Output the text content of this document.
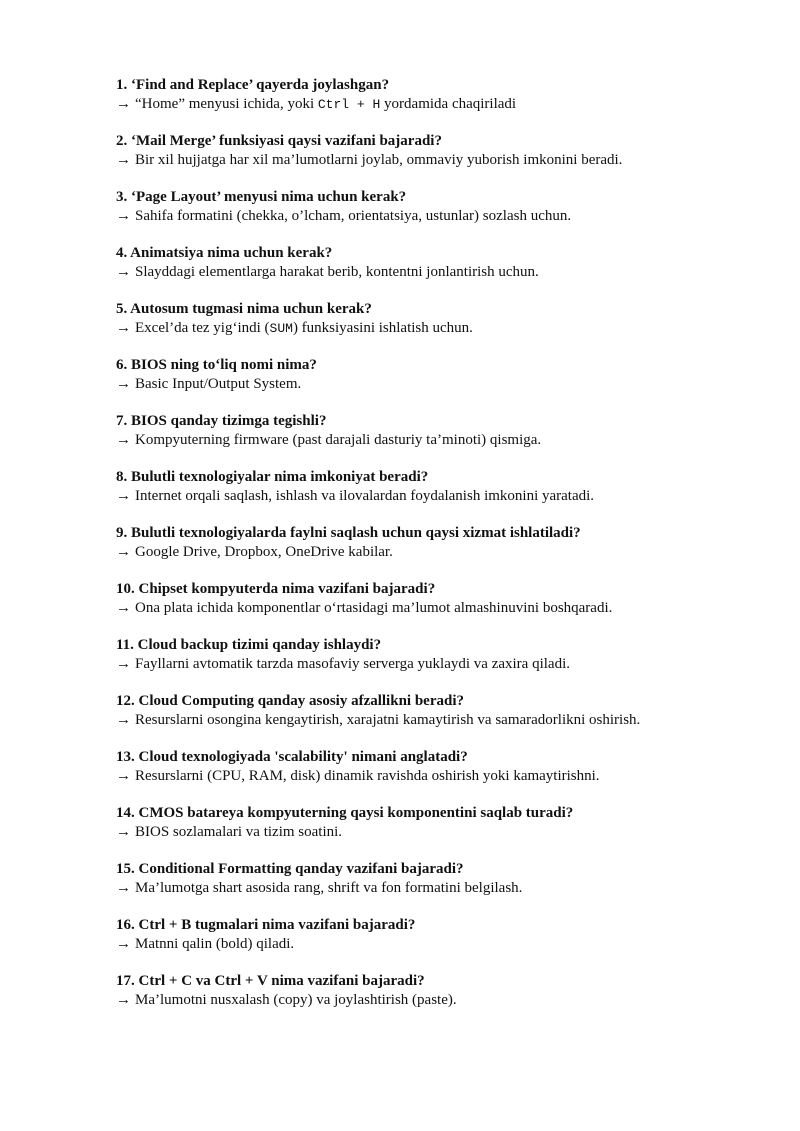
1. ‘Find and Replace’ qayerda joylashgan?

→ “Home” menyusi ichida, yoki Ctrl + H yordamida chaqiriladi

2. ‘Mail Merge’ funksiyasi qaysi vazifani bajaradi?

→ Bir xil hujjatga har xil ma’lumotlarni joylab, ommaviy yuborish imkonini beradi.

3. ‘Page Layout’ menyusi nima uchun kerak?

→ Sahifa formatini (chekka, o’lcham, orientatsiya, ustunlar) sozlash uchun.

4. Animatsiya nima uchun kerak?

→ Slayddagi elementlarga harakat berib, kontentni jonlantirish uchun.

5. Autosum tugmasi nima uchun kerak?

→ Excel’da tez yig‘indi (SUM) funksiyasini ishlatish uchun.

6. BIOS ning to‘liq nomi nima?

→ Basic Input/Output System.

7. BIOS qanday tizimga tegishli?

→ Kompyuterning firmware (past darajali dasturiy ta’minoti) qismiga.

8. Bulutli texnologiyalar nima imkoniyat beradi?

→ Internet orqali saqlash, ishlash va ilovalardan foydalanish imkonini yaratadi.

9. Bulutli texnologiyalarda faylni saqlash uchun qaysi xizmat ishlatiladi?

→ Google Drive, Dropbox, OneDrive kabilar.

10. Chipset kompyuterda nima vazifani bajaradi?

→ Ona plata ichida komponentlar o‘rtasidagi ma’lumot almashinuvini boshqaradi.

11. Cloud backup tizimi qanday ishlaydi?

→ Fayllarni avtomatik tarzda masofaviy serverga yuklaydi va zaxira qiladi.

12. Cloud Computing qanday asosiy afzallikni beradi?

→ Resurslarni osongina kengaytirish, xarajatni kamaytirish va samaradorlikni oshirish.

13. Cloud texnologiyada 'scalability' nimani anglatadi?

→ Resurslarni (CPU, RAM, disk) dinamik ravishda oshirish yoki kamaytirishni.

14. CMOS batareya kompyuterning qaysi komponentini saqlab turadi?

→ BIOS sozlamalari va tizim soatini.

15. Conditional Formatting qanday vazifani bajaradi?

→ Ma’lumotga shart asosida rang, shrift va fon formatini belgilash.

16. Ctrl + B tugmalari nima vazifani bajaradi?

→ Matnni qalin (bold) qiladi.

17. Ctrl + C va Ctrl + V nima vazifani bajaradi?

→ Ma’lumotni nusxalash (copy) va joylashtirish (paste).
